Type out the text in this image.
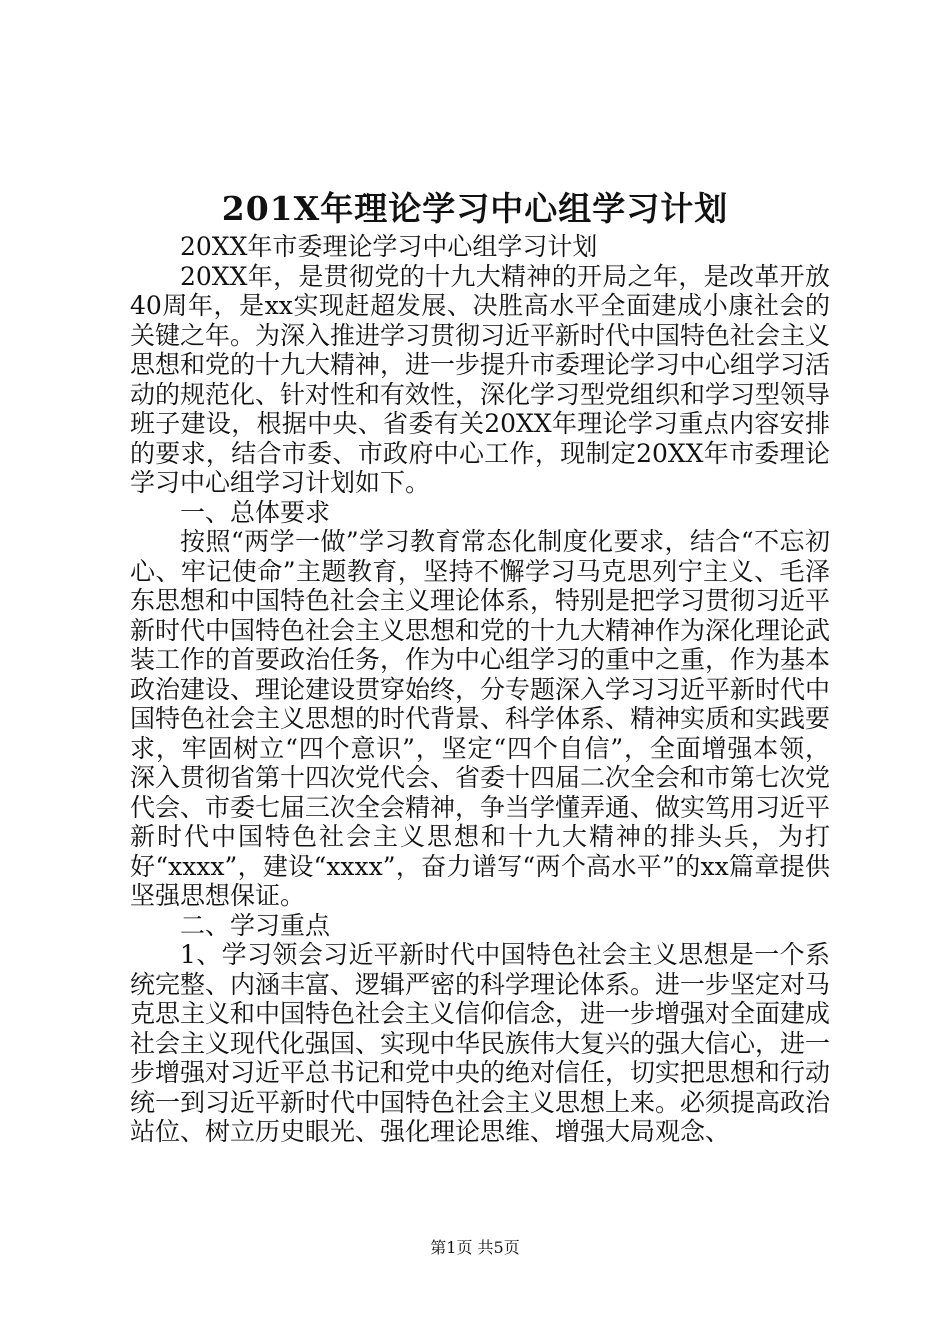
201X年理论学习中心组学习计划

20XX年市委理论学习中心组学习计划

20XX年，是贯彻党的十九大精神的开局之年，是改革开放40周年，是xx实现赶超发展、决胜高水平全面建成小康社会的关键之年。为深入推进学习贯彻习近平新时代中国特色社会主义思想和党的十九大精神，进一步提升市委理论学习中心组学习活动的规范化、针对性和有效性，深化学习型党组织和学习型领导班子建设，根据中央、省委有关20XX年理论学习重点内容安排的要求，结合市委、市政府中心工作，现制定20XX年市委理论学习中心组学习计划如下。

一、总体要求

按照“两学一做”学习教育常态化制度化要求，结合“不忘初心、牢记使命”主题教育，坚持不懈学习马克思列宁主义、毛泽东思想和中国特色社会主义理论体系，特别是把学习贯彻习近平新时代中国特色社会主义思想和党的十九大精神作为深化理论武装工作的首要政治任务，作为中心组学习的重中之重，作为基本政治建设、理论建设贯穿始终，分专题深入学习习近平新时代中国特色社会主义思想的时代背景、科学体系、精神实质和实践要求，牢固树立“四个意识”，坚定“四个自信”，全面增强本领，深入贯彻省第十四次党代会、省委十四届二次全会和市第七次党代会、市委七届三次全会精神，争当学懂弄通、做实笃用习近平新时代中国特色社会主义思想和十九大精神的排头兵，为打好“xxxx”，建设“xxxx”，奋力谱写“两个高水平”的xx篇章提供坚强思想保证。

二、学习重点

1、学习领会习近平新时代中国特色社会主义思想是一个系统完整、内涵丰富、逻辑严密的科学理论体系。进一步坚定对马克思主义和中国特色社会主义信仰信念，进一步增强对全面建成社会主义现代化强国、实现中华民族伟大复兴的强大信心，进一步增强对习近平总书记和党中央的绝对信任，切实把思想和行动统一到习近平新时代中国特色社会主义思想上来。必须提高政治站位、树立历史眼光、强化理论思维、增强大局观念、

第1页 共5页
